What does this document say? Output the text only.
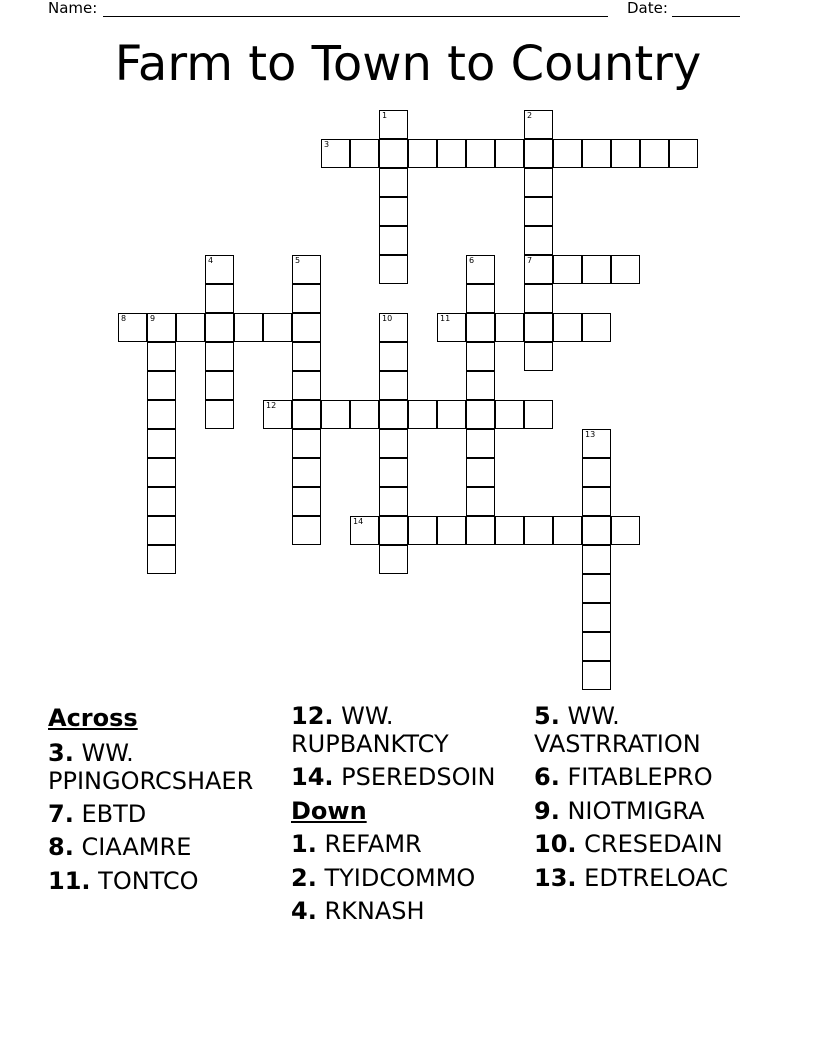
Name:	Date:
Farm to Town to Country
1	2
7
3
4	5	6
8	9	10	11
12
13
14
Across
3. WW. PPINGORCSHAER
7. EBTD
8. CIAAMRE
11. TONTCO
12. WW. RUPBANKTCY
14. PSEREDSOIN
Down
1. REFAMR
2. TYIDCOMMO
4. RKNASH
5. WW. VASTRRATION
6. FITABLEPRO
9. NIOTMIGRA
10. CRESEDAIN
13. EDTRELOAC
